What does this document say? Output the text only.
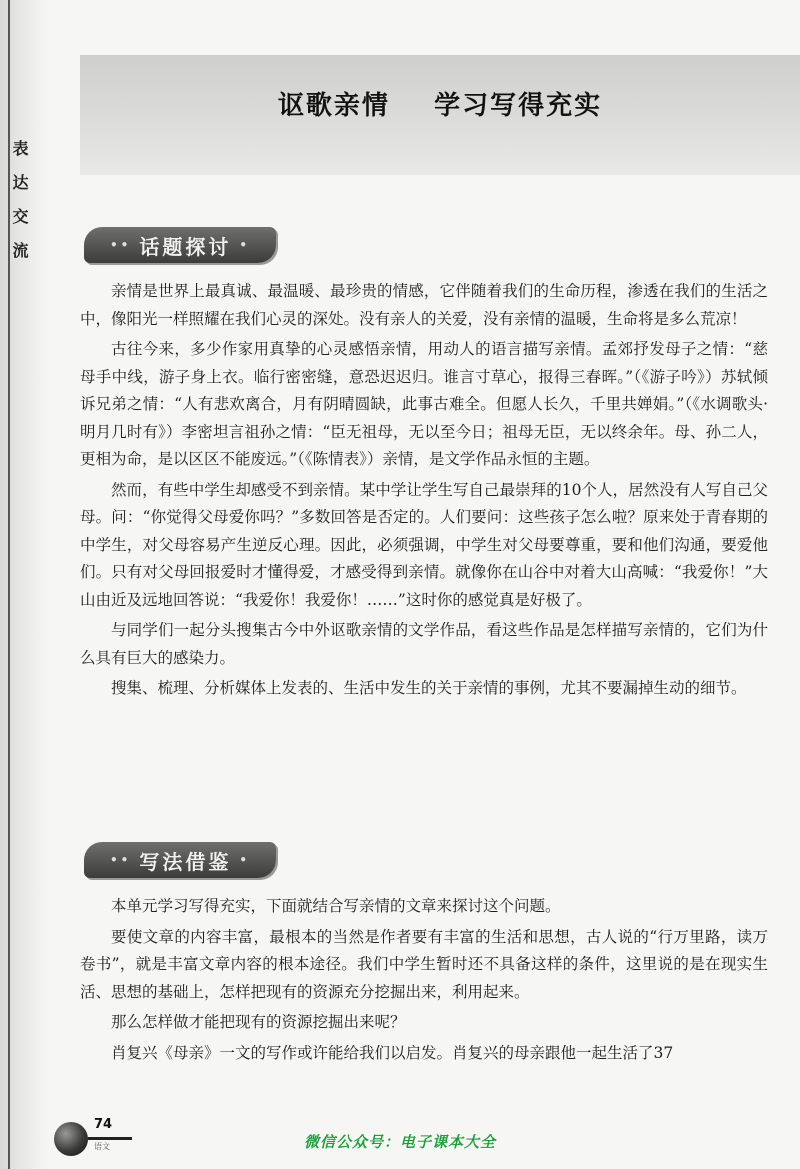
表达交流
讴歌亲情    学习写得充实
•• 话题探讨 •

亲情是世界上最真诚、最温暖、最珍贵的情感，它伴随着我们的生命历程，渗透在我们的生活之中，像阳光一样照耀在我们心灵的深处。没有亲人的关爱，没有亲情的温暖，生命将是多么荒凉！

古往今来，多少作家用真挚的心灵感悟亲情，用动人的语言描写亲情。孟郊抒发母子之情：“慈母手中线，游子身上衣。临行密密缝，意恐迟迟归。谁言寸草心，报得三春晖。”（《游子吟》）苏轼倾诉兄弟之情：“人有悲欢离合，月有阴晴圆缺，此事古难全。但愿人长久，千里共婵娟。”（《水调歌头·明月几时有》）李密坦言祖孙之情：“臣无祖母，无以至今日；祖母无臣，无以终余年。母、孙二人，更相为命，是以区区不能废远。”（《陈情表》）亲情，是文学作品永恒的主题。

然而，有些中学生却感受不到亲情。某中学让学生写自己最崇拜的10个人，居然没有人写自己父母。问：“你觉得父母爱你吗？”多数回答是否定的。人们要问：这些孩子怎么啦？原来处于青春期的中学生，对父母容易产生逆反心理。因此，必须强调，中学生对父母要尊重，要和他们沟通，要爱他们。只有对父母回报爱时才懂得爱，才感受得到亲情。就像你在山谷中对着大山高喊：“我爱你！”大山由近及远地回答说：“我爱你！我爱你！……”这时你的感觉真是好极了。

与同学们一起分头搜集古今中外讴歌亲情的文学作品，看这些作品是怎样描写亲情的，它们为什么具有巨大的感染力。

搜集、梳理、分析媒体上发表的、生活中发生的关于亲情的事例，尤其不要漏掉生动的细节。

•• 写法借鉴 •

本单元学习写得充实，下面就结合写亲情的文章来探讨这个问题。

要使文章的内容丰富，最根本的当然是作者要有丰富的生活和思想，古人说的“行万里路，读万卷书”，就是丰富文章内容的根本途径。我们中学生暂时还不具备这样的条件，这里说的是在现实生活、思想的基础上，怎样把现有的资源充分挖掘出来，利用起来。

那么怎样做才能把现有的资源挖掘出来呢？

肖复兴《母亲》一文的写作或许能给我们以启发。肖复兴的母亲跟他一起生活了37

74
语文	微信公众号：电子课本大全
